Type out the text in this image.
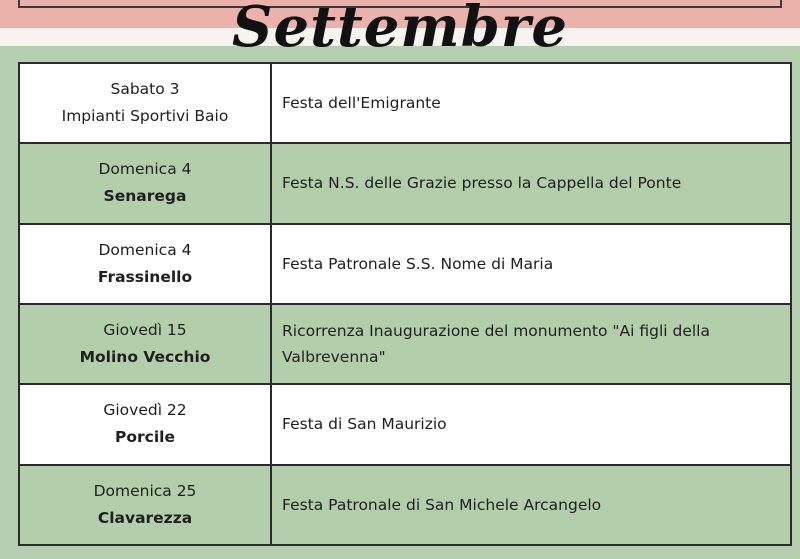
Settembre
Sabato 3
Impianti Sportivi Baio
Festa dell'Emigrante
Domenica 4
Senarega
Festa N.S. delle Grazie presso la Cappella del Ponte
Domenica 4
Frassinello
Festa Patronale S.S. Nome di Maria
Giovedì 15
Molino Vecchio
Ricorrenza Inaugurazione del monumento "Ai figli della Valbrevenna"
Giovedì 22
Porcile
Festa di San Maurizio
Domenica 25
Clavarezza
Festa Patronale di San Michele Arcangelo
